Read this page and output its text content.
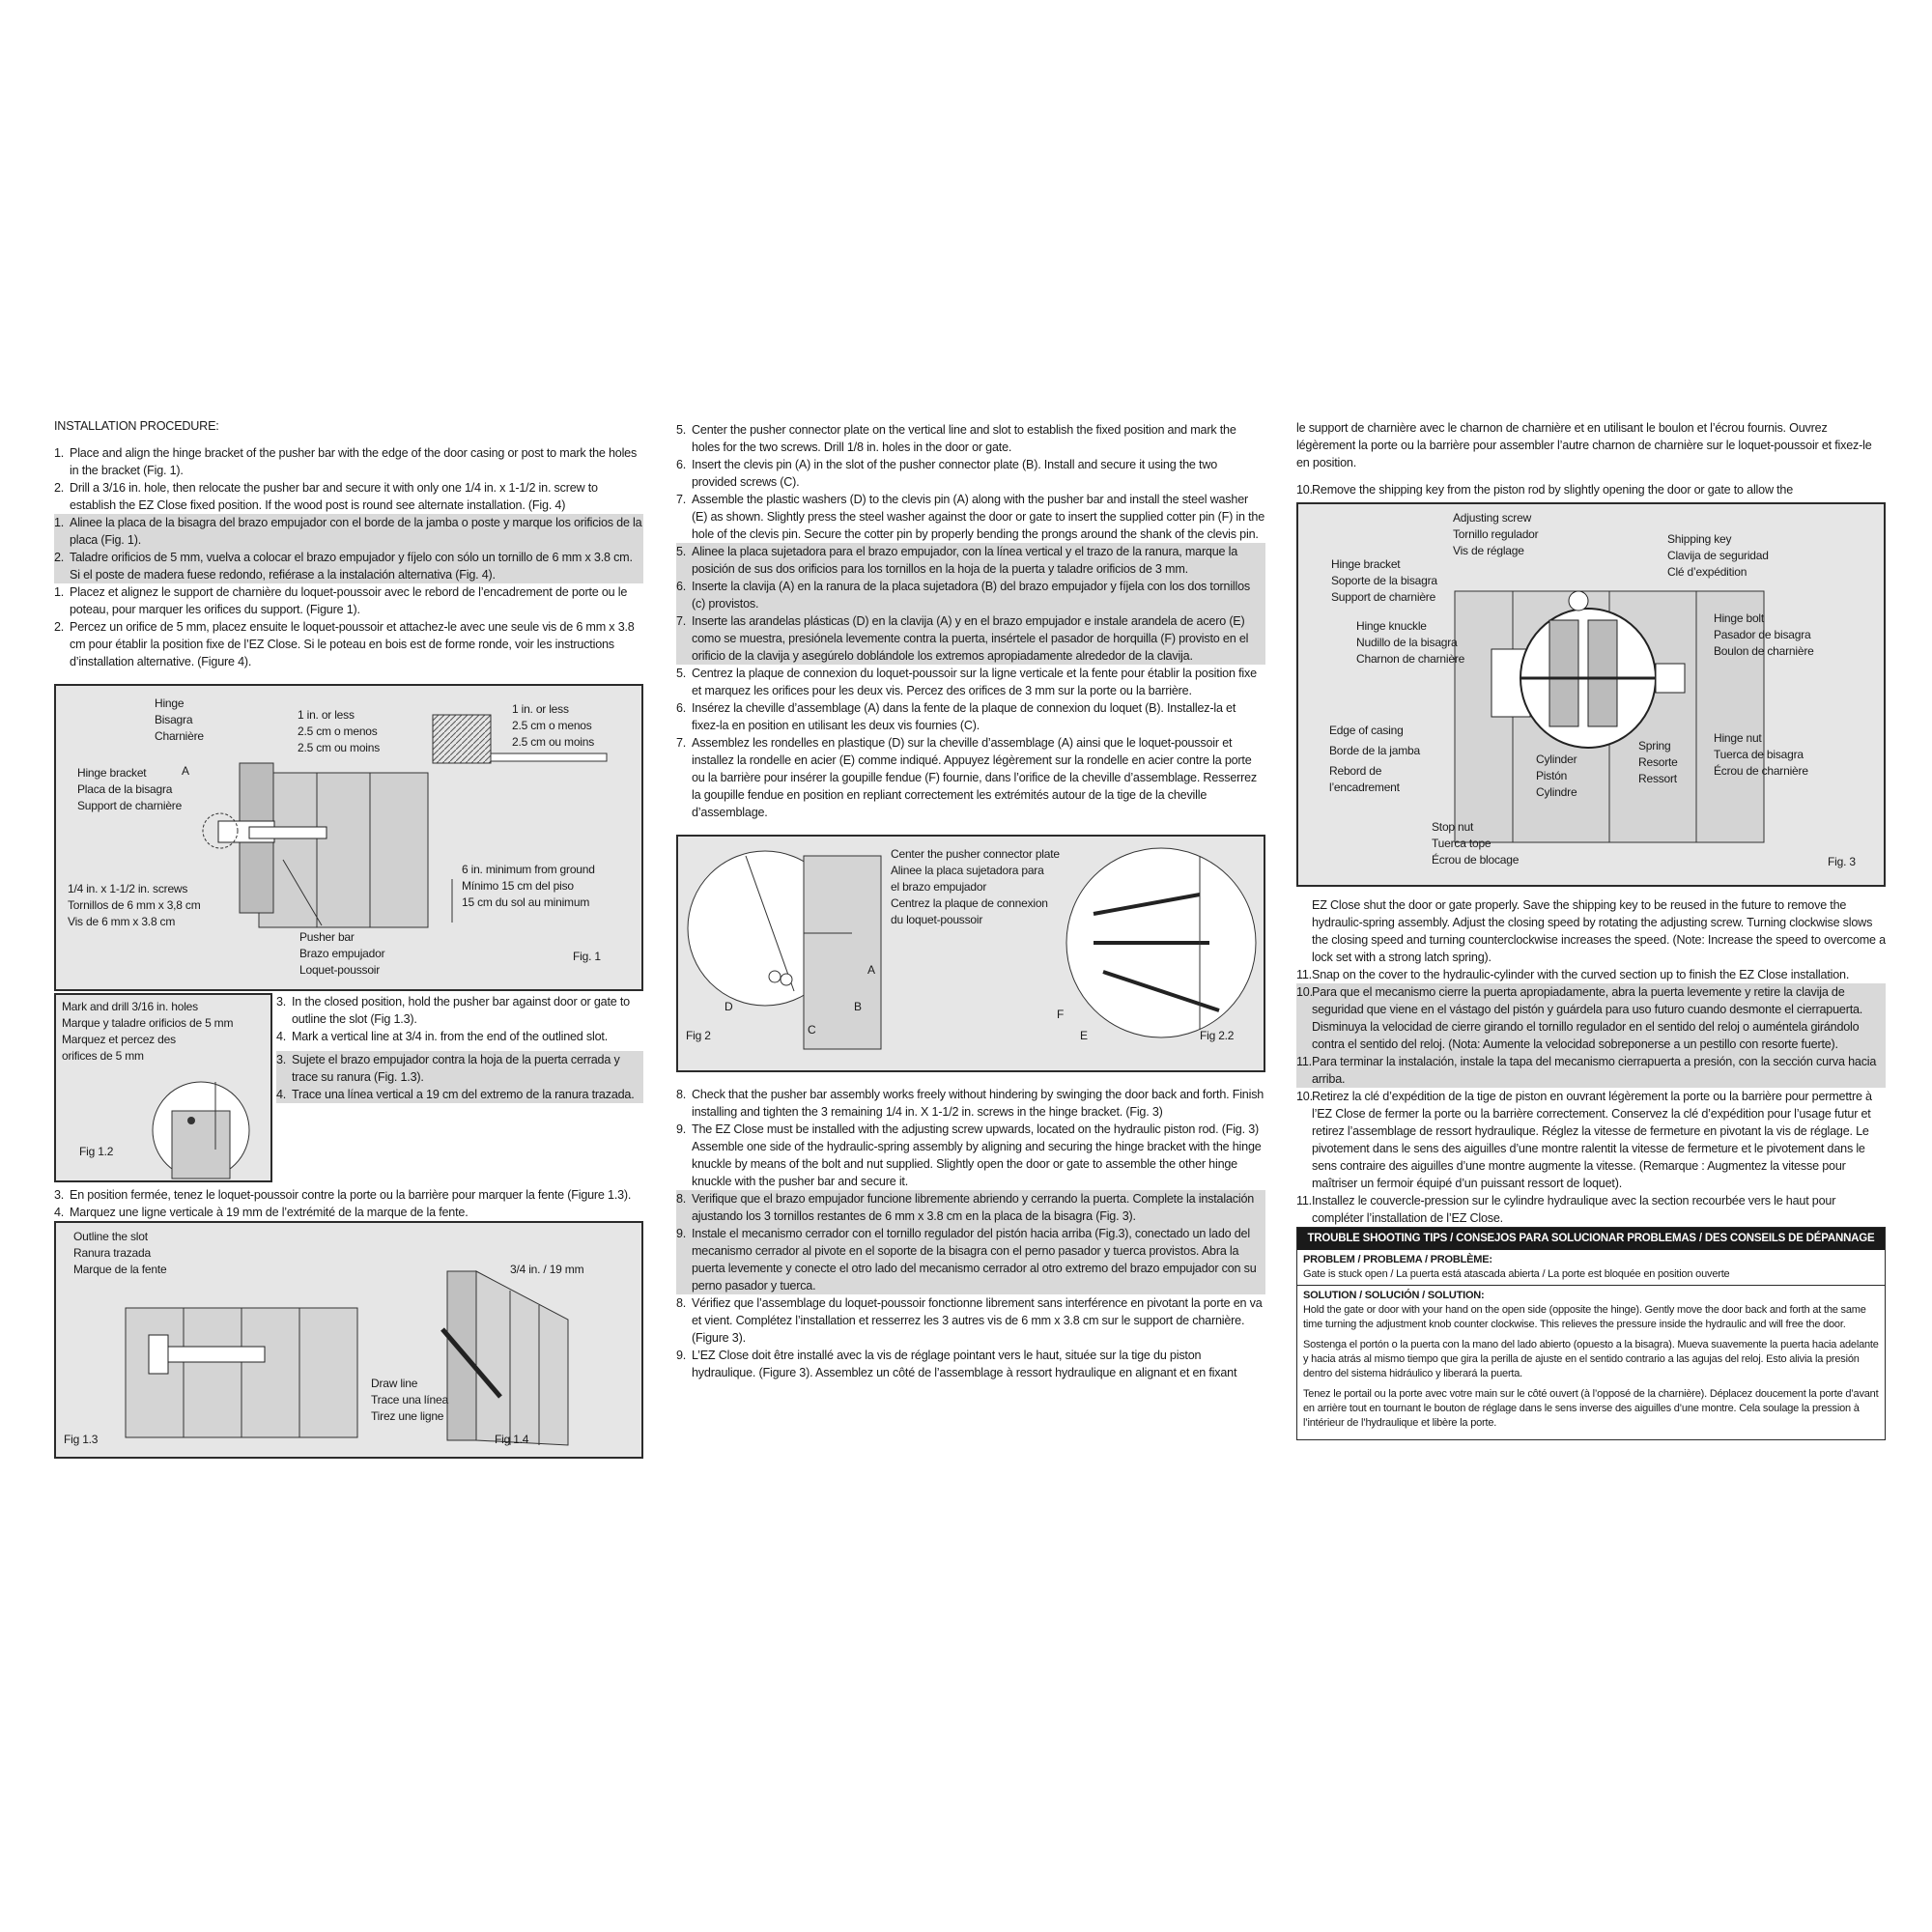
INSTALLATION PROCEDURE:
1. Place and align the hinge bracket of the pusher bar with the edge of the door casing or post to mark the holes in the bracket (Fig. 1).
2. Drill a 3/16 in. hole, then relocate the pusher bar and secure it with only one 1/4 in. x 1-1/2 in. screw to establish the EZ Close fixed position. If the wood post is round see alternate installation. (Fig. 4)
1. Alinee la placa de la bisagra del brazo empujador con el borde de la jamba o poste y marque los orificios de la placa (Fig. 1).
2. Taladre orificios de 5 mm, vuelva a colocar el brazo empujador y fíjelo con sólo un tornillo de 6 mm x 3.8 cm. Si el poste de madera fuese redondo, refiérase a la instalación alternativa (Fig. 4).
1. Placez et alignez le support de charnière du loquet-poussoir avec le rebord de l’encadrement de porte ou le poteau, pour marquer les orifices du support. (Figure 1).
2. Percez un orifice de 5 mm, placez ensuite le loquet-poussoir et attachez-le avec une seule vis de 6 mm x 3.8 cm pour établir la position fixe de l’EZ Close. Si le poteau en bois est de forme ronde, voir les instructions d’installation alternative. (Figure 4).
Hinge
Bisagra
Charnière
1 in. or less
2.5 cm o menos
2.5 cm ou moins
1 in. or less
2.5 cm o menos
2.5 cm ou moins
Hinge bracket
Placa de la bisagra
Support de charnière
A
1/4 in. x 1-1/2 in. screws
Tornillos de 6 mm x 3,8 cm
Vis de 6 mm x 3.8 cm
6 in. minimum from ground
Mínimo 15 cm del piso
15 cm du sol au minimum
Pusher bar
Brazo empujador
Loquet-poussoir
Fig. 1
Mark and drill 3/16 in. holes
Marque y taladre orificios de 5 mm
Marquez et percez des
orifices de 5 mm
Fig 1.2
3. In the closed position, hold the pusher bar against door or gate to outline the slot (Fig 1.3).
4. Mark a vertical line at 3/4 in. from the end of the outlined slot.
3. Sujete el brazo empujador contra la hoja de la puerta cerrada y trace su ranura (Fig. 1.3).
4. Trace una línea vertical a 19 cm del extremo de la ranura trazada.
3. En position fermée, tenez le loquet-poussoir contre la porte ou la barrière pour marquer la fente (Figure 1.3).
4. Marquez une ligne verticale à 19 mm de l’extrémité de la marque de la fente.
Outline the slot
Ranura trazada
Marque de la fente	3/4 in. / 19 mm
Draw line
Trace una línea
Tirez une ligne
Fig 1.3	Fig 1.4
5. Center the pusher connector plate on the vertical line and slot to establish the fixed position and mark the holes for the two screws. Drill 1/8 in. holes in the door or gate.
6. Insert the clevis pin (A) in the slot of the pusher connector plate (B). Install and secure it using the two provided screws (C).
7. Assemble the plastic washers (D) to the clevis pin (A) along with the pusher bar and install the steel washer (E) as shown. Slightly press the steel washer against the door or gate to insert the supplied cotter pin (F) in the hole of the clevis pin. Secure the cotter pin by properly bending the prongs around the shank of the clevis pin.
5. Alinee la placa sujetadora para el brazo empujador, con la línea vertical y el trazo de la ranura, marque la posición de sus dos orificios para los tornillos en la hoja de la puerta y taladre orificios de 3 mm.
6. Inserte la clavija (A) en la ranura de la placa sujetadora (B) del brazo empujador y fíjela con los dos tornillos (c) provistos.
7. Inserte las arandelas plásticas (D) en la clavija (A) y en el brazo empujador e instale arandela de acero (E) como se muestra, presiónela levemente contra la puerta, insértele el pasador de horquilla (F) provisto en el orificio de la clavija y asegúrelo doblándole los extremos apropiadamente alrededor de la clavija.
5. Centrez la plaque de connexion du loquet-poussoir sur la ligne verticale et la fente pour établir la position fixe et marquez les orifices pour les deux vis. Percez des orifices de 3 mm sur la porte ou la barrière.
6. Insérez la cheville d’assemblage (A) dans la fente de la plaque de connexion du loquet (B). Installez-la et fixez-la en position en utilisant les deux vis fournies (C).
7. Assemblez les rondelles en plastique (D) sur la cheville d’assemblage (A) ainsi que le loquet-poussoir et installez la rondelle en acier (E) comme indiqué. Appuyez légèrement sur la rondelle en acier contre la porte ou la barrière pour insérer la goupille fendue (F) fournie, dans l’orifice de la cheville d’assemblage. Resserrez la goupille fendue en position en repliant correctement les extrémités autour de la tige de la cheville d’assemblage.
Center the pusher connector plate
Alinee la placa sujetadora para
el brazo empujador
Centrez la plaque de connexion
du loquet-poussoir
A
B
C
D
E
F
Fig 2	Fig 2.2
8. Check that the pusher bar assembly works freely without hindering by swinging the door back and forth. Finish installing and tighten the 3 remaining 1/4 in. X 1-1/2 in. screws in the hinge bracket. (Fig. 3)
9. The EZ Close must be installed with the adjusting screw upwards, located on the hydraulic piston rod. (Fig. 3) Assemble one side of the hydraulic-spring assembly by aligning and securing the hinge bracket with the hinge knuckle by means of the bolt and nut supplied. Slightly open the door or gate to assemble the other hinge knuckle with the pusher bar and secure it.
8. Verifique que el brazo empujador funcione libremente abriendo y cerrando la puerta. Complete la instalación ajustando los 3 tornillos restantes de 6 mm x 3.8 cm en la placa de la bisagra (Fig. 3).
9. Instale el mecanismo cerrador con el tornillo regulador del pistón hacia arriba (Fig.3), conectado un lado del mecanismo cerrador al pivote en el soporte de la bisagra con el perno pasador y tuerca provistos. Abra la puerta levemente y conecte el otro lado del mecanismo cerrador al otro extremo del brazo empujador con su perno pasador y tuerca.
8. Vérifiez que l’assemblage du loquet-poussoir fonctionne librement sans interférence en pivotant la porte en va et vient. Complétez l’installation et resserrez les 3 autres vis de 6 mm x 3.8 cm sur le support de charnière. (Figure 3).
9. L’EZ Close doit être installé avec la vis de réglage pointant vers le haut, située sur la tige du piston hydraulique. (Figure 3). Assemblez un côté de l’assemblage à ressort hydraulique en alignant et en fixant
le support de charnière avec le charnon de charnière et en utilisant le boulon et l’écrou fournis. Ouvrez légèrement la porte ou la barrière pour assembler l’autre charnon de charnière sur le loquet-poussoir et fixez-le en position.
10. Remove the shipping key from the piston rod by slightly opening the door or gate to allow the
Adjusting screw
Tornillo regulador
Vis de réglage
Hinge bracket
Soporte de la bisagra
Support de charnière
Shipping key
Clavija de seguridad
Clé d’expédition
Hinge knuckle
Nudillo de la bisagra
Charnon de charnière
Hinge bolt
Pasador de bisagra
Boulon de charnière
Edge of casing
Borde de la jamba
Rebord de
l’encadrement
Spring
Resorte
Ressort
Cylinder
Pistón
Cylindre
Hinge nut
Tuerca de bisagra
Écrou de charnière
Stop nut
Tuerca tope
Écrou de blocage	Fig. 3
EZ Close shut the door or gate properly. Save the shipping key to be reused in the future to remove the hydraulic-spring assembly. Adjust the closing speed by rotating the adjusting screw. Turning clockwise slows the closing speed and turning counterclockwise increases the speed. (Note: Increase the speed to overcome a lock set with a strong latch spring).
11. Snap on the cover to the hydraulic-cylinder with the curved section up to finish the EZ Close installation.
10. Para que el mecanismo cierre la puerta apropiadamente, abra la puerta levemente y retire la clavija de seguridad que viene en el vástago del pistón y guárdela para uso futuro cuando desmonte el cierrapuerta. Disminuya la velocidad de cierre girando el tornillo regulador en el sentido del reloj o auméntela girándolo contra el sentido del reloj. (Nota: Aumente la velocidad sobreponerse a un pestillo con resorte fuerte).
11. Para terminar la instalación, instale la tapa del mecanismo cierrapuerta a presión, con la sección curva hacia arriba.
10. Retirez la clé d’expédition de la tige de piston en ouvrant légèrement la porte ou la barrière pour permettre à l’EZ Close de fermer la porte ou la barrière correctement. Conservez la clé d’expédition pour l’usage futur et retirez l’assemblage de ressort hydraulique. Réglez la vitesse de fermeture en pivotant la vis de réglage. Le pivotement dans le sens des aiguilles d’une montre ralentit la vitesse de fermeture et le pivotement dans le sens contraire des aiguilles d’une montre augmente la vitesse. (Remarque : Augmentez la vitesse pour maîtriser un fermoir équipé d’un puissant ressort de loquet).
11. Installez le couvercle-pression sur le cylindre hydraulique avec la section recourbée vers le haut pour compléter l’installation de l’EZ Close.
TROUBLE SHOOTING TIPS / CONSEJOS PARA SOLUCIONAR PROBLEMAS / DES CONSEILS DE DÉPANNAGE
PROBLEM / PROBLEMA / PROBLÈME:
Gate is stuck open / La puerta está atascada abierta / La porte est bloquée en position ouverte
SOLUTION / SOLUCIÓN / SOLUTION:

Hold the gate or door with your hand on the open side (opposite the hinge). Gently move the door back and forth at the same time turning the adjustment knob counter clockwise. This relieves the pressure inside the hydraulic and will free the door.

Sostenga el portón o la puerta con la mano del lado abierto (opuesto a la bisagra). Mueva suavemente la puerta hacia adelante y hacia atrás al mismo tiempo que gira la perilla de ajuste en el sentido contrario a las agujas del reloj. Esto alivia la presión dentro del sistema hidráulico y liberará la puerta.

Tenez le portail ou la porte avec votre main sur le côté ouvert (à l’opposé de la charnière). Déplacez doucement la porte d’avant en arrière tout en tournant le bouton de réglage dans le sens inverse des aiguilles d’une montre. Cela soulage la pression à l’intérieur de l’hydraulique et libère la porte.
